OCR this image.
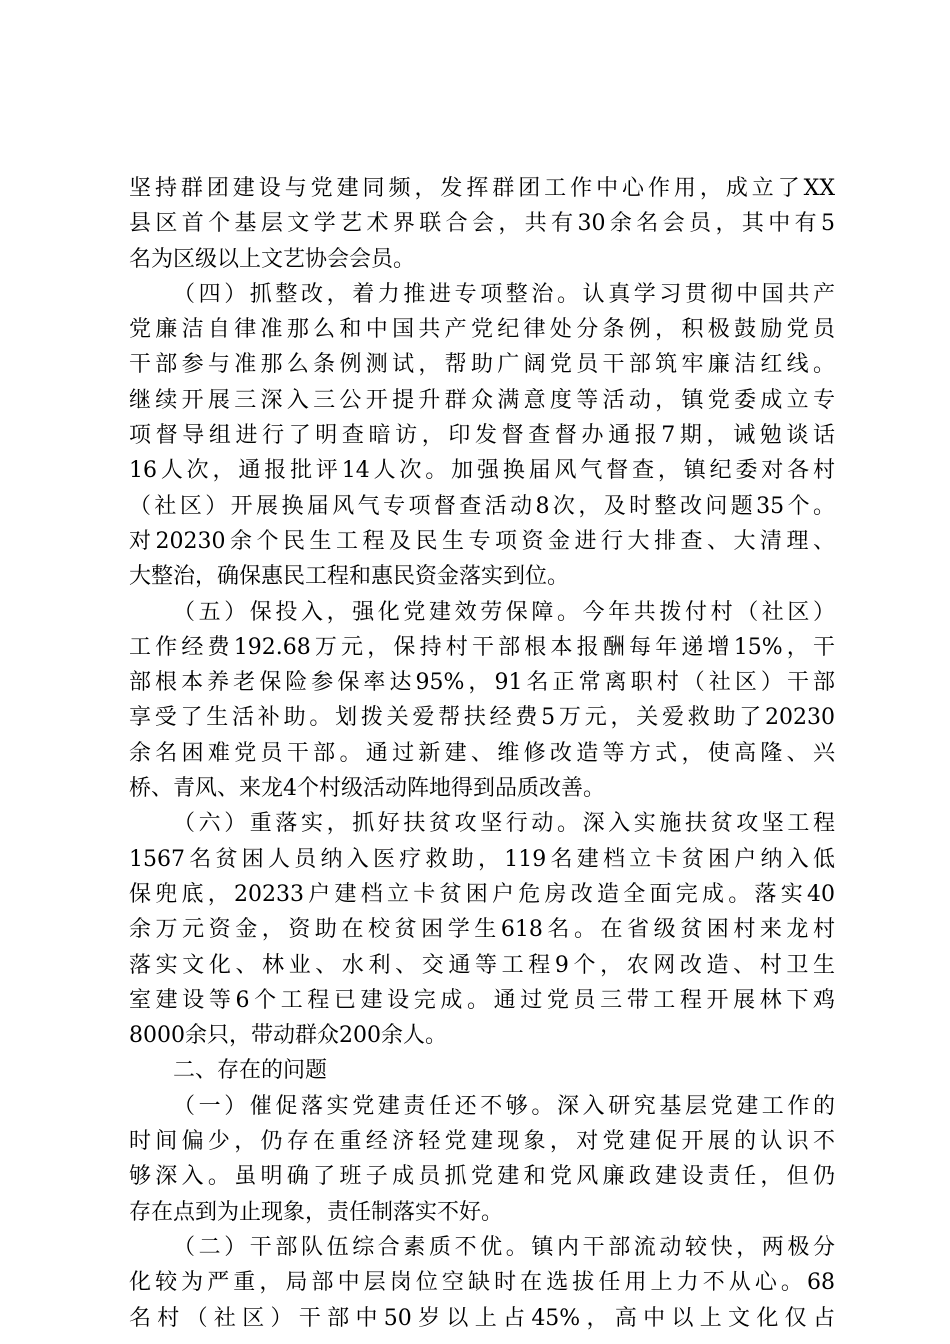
坚持群团建设与党建同频，发挥群团工作中心作用，成立了XX
县区首个基层文学艺术界联合会，共有30余名会员，其中有5
名为区级以上文艺协会会员。
（四）抓整改，着力推进专项整治。认真学习贯彻中国共产
党廉洁自律准那么和中国共产党纪律处分条例，积极鼓励党员
干部参与准那么条例测试，帮助广阔党员干部筑牢廉洁红线。
继续开展三深入三公开提升群众满意度等活动，镇党委成立专
项督导组进行了明查暗访，印发督查督办通报7期，诫勉谈话
16人次，通报批评14人次。加强换届风气督查，镇纪委对各村
（社区）开展换届风气专项督查活动8次，及时整改问题35个。
对20230余个民生工程及民生专项资金进行大排查、大清理、
大整治，确保惠民工程和惠民资金落实到位。
（五）保投入，强化党建效劳保障。今年共拨付村（社区）
工作经费192.68万元，保持村干部根本报酬每年递增15%，干
部根本养老保险参保率达95%，91名正常离职村（社区）干部
享受了生活补助。划拨关爱帮扶经费5万元，关爱救助了20230
余名困难党员干部。通过新建、维修改造等方式，使高隆、兴
桥、青风、来龙4个村级活动阵地得到品质改善。
（六）重落实，抓好扶贫攻坚行动。深入实施扶贫攻坚工程
1567名贫困人员纳入医疗救助，119名建档立卡贫困户纳入低
保兜底，20233户建档立卡贫困户危房改造全面完成。落实40
余万元资金，资助在校贫困学生618名。在省级贫困村来龙村
落实文化、林业、水利、交通等工程9个，农网改造、村卫生
室建设等6个工程已建设完成。通过党员三带工程开展林下鸡
8000余只，带动群众200余人。
二、存在的问题
（一）催促落实党建责任还不够。深入研究基层党建工作的
时间偏少，仍存在重经济轻党建现象，对党建促开展的认识不
够深入。虽明确了班子成员抓党建和党风廉政建设责任，但仍
存在点到为止现象，责任制落实不好。
（二）干部队伍综合素质不优。镇内干部流动较快，两极分
化较为严重，局部中层岗位空缺时在选拔任用上力不从心。68
名村（社区）干部中50岁以上占45%，高中以上文化仅占
